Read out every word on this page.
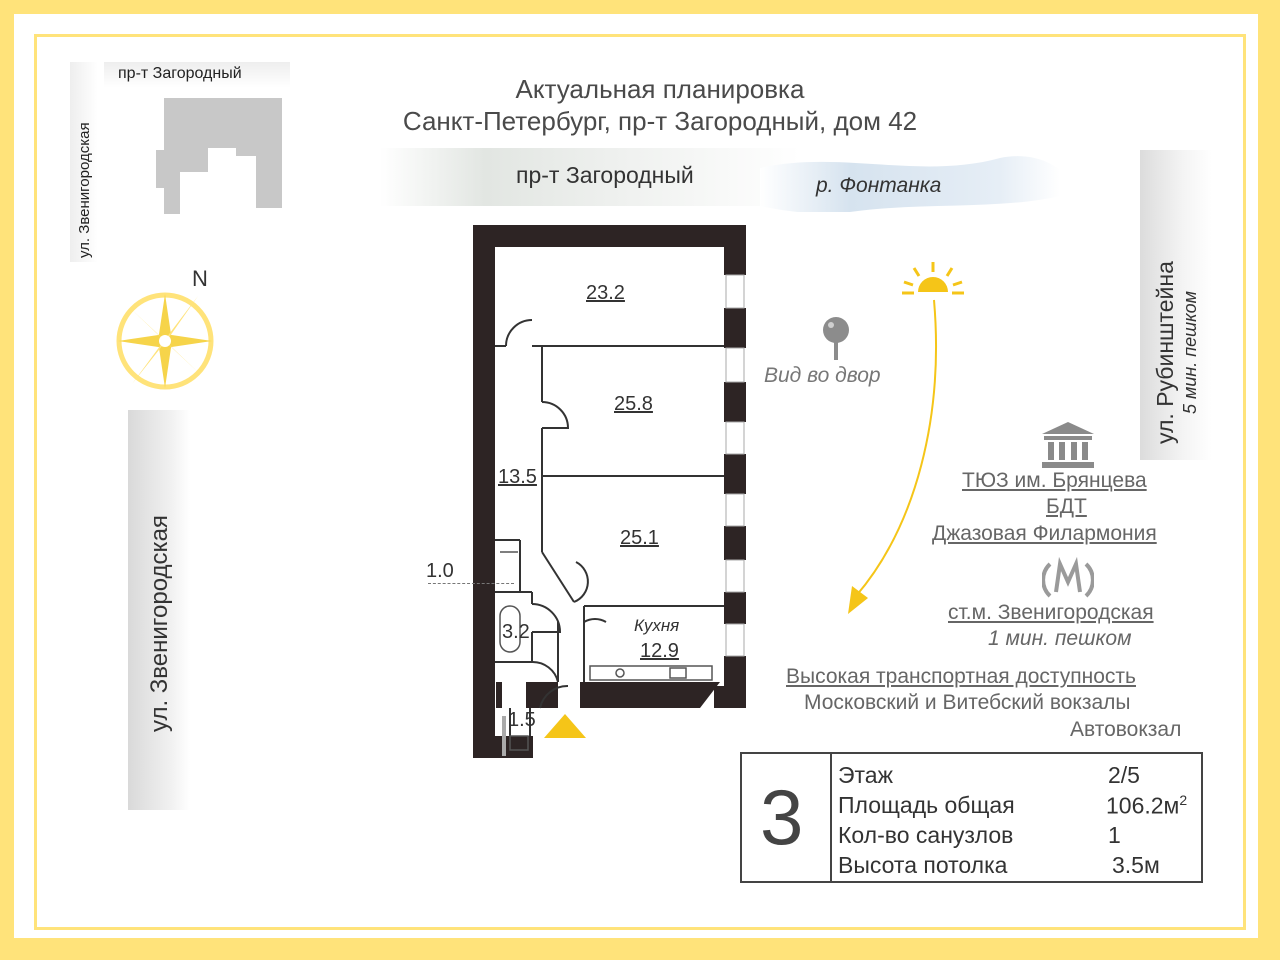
пр-т Загородный
ул. Звенигородская
Актуальная планировка
Санкт-Петербург, пр-т Загородный, дом 42
пр-т Загородный	р. Фонтанка
ул. Рубинштейна 5 мин. пешком
ул. Звенигородская
N
Вид во двор
23.2
25.8
13.5
25.1
1.0
3.2	Кухня
12.9
1.5
ТЮЗ им. Брянцева
БДТ
Джазовая Филармония
ст.м. Звенигородская
1 мин. пешком
Высокая транспортная доступность
Московский и Витебский вокзалы
Автовокзал
3 Этаж	2/5
Площадь общая	$106.2м^2$
Кол-во санузлов	1
Высота потолка	3.5м
